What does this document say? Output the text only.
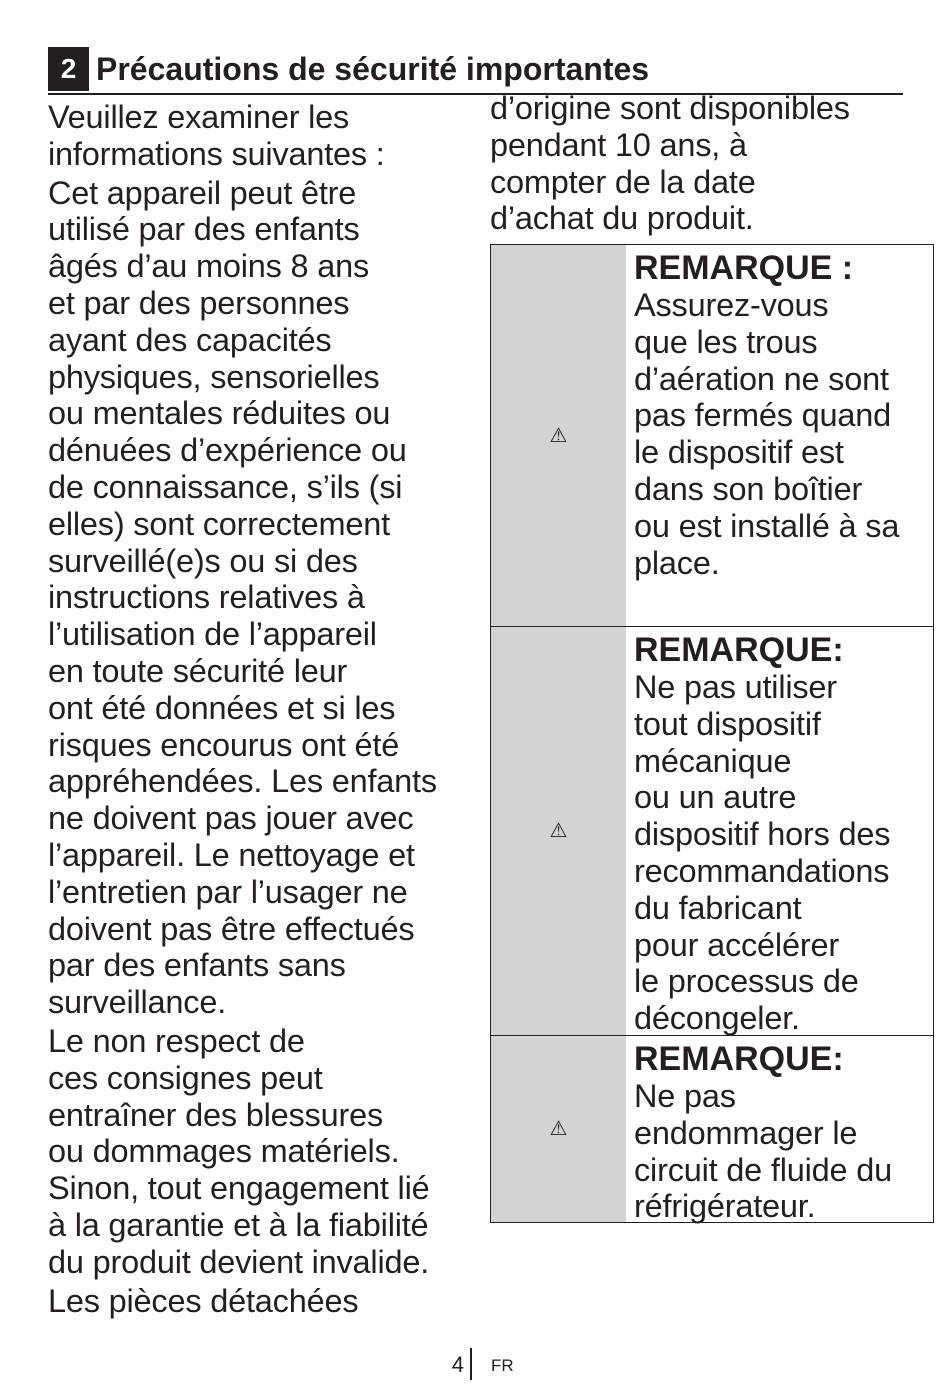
2 Précautions de sécurité importantes

Veuillez examiner les
informations suivantes :

Cet appareil peut être
utilisé par des enfants
âgés d’au moins 8 ans
et par des personnes
ayant des capacités
physiques, sensorielles
ou mentales réduites ou
dénuées d’expérience ou
de connaissance, s’ils (si
elles) sont correctement
surveillé(e)s ou si des
instructions relatives à
l’utilisation de l’appareil
en toute sécurité leur
ont été données et si les
risques encourus ont été
appréhendées. Les enfants
ne doivent pas jouer avec
l’appareil. Le nettoyage et
l’entretien par l’usager ne
doivent pas être effectués
par des enfants sans
surveillance.

Le non respect de
ces consignes peut
entraîner des blessures
ou dommages matériels.
Sinon, tout engagement lié
à la garantie et à la fiabilité
du produit devient invalide.

Les pièces détachées

d’origine sont disponibles
pendant 10 ans, à
compter de la date
d’achat du produit.
⚠
REMARQUE :
Assurez-vous
que les trous
d’aération ne sont
pas fermés quand
le dispositif est
dans son boîtier
ou est installé à sa
place.
⚠
REMARQUE:
Ne pas utiliser
tout dispositif
mécanique
ou un autre
dispositif hors des
recommandations
du fabricant
pour accélérer
le processus de
décongeler.
⚠
REMARQUE:
Ne pas
endommager le
circuit de fluide du
réfrigérateur.
4 FR
